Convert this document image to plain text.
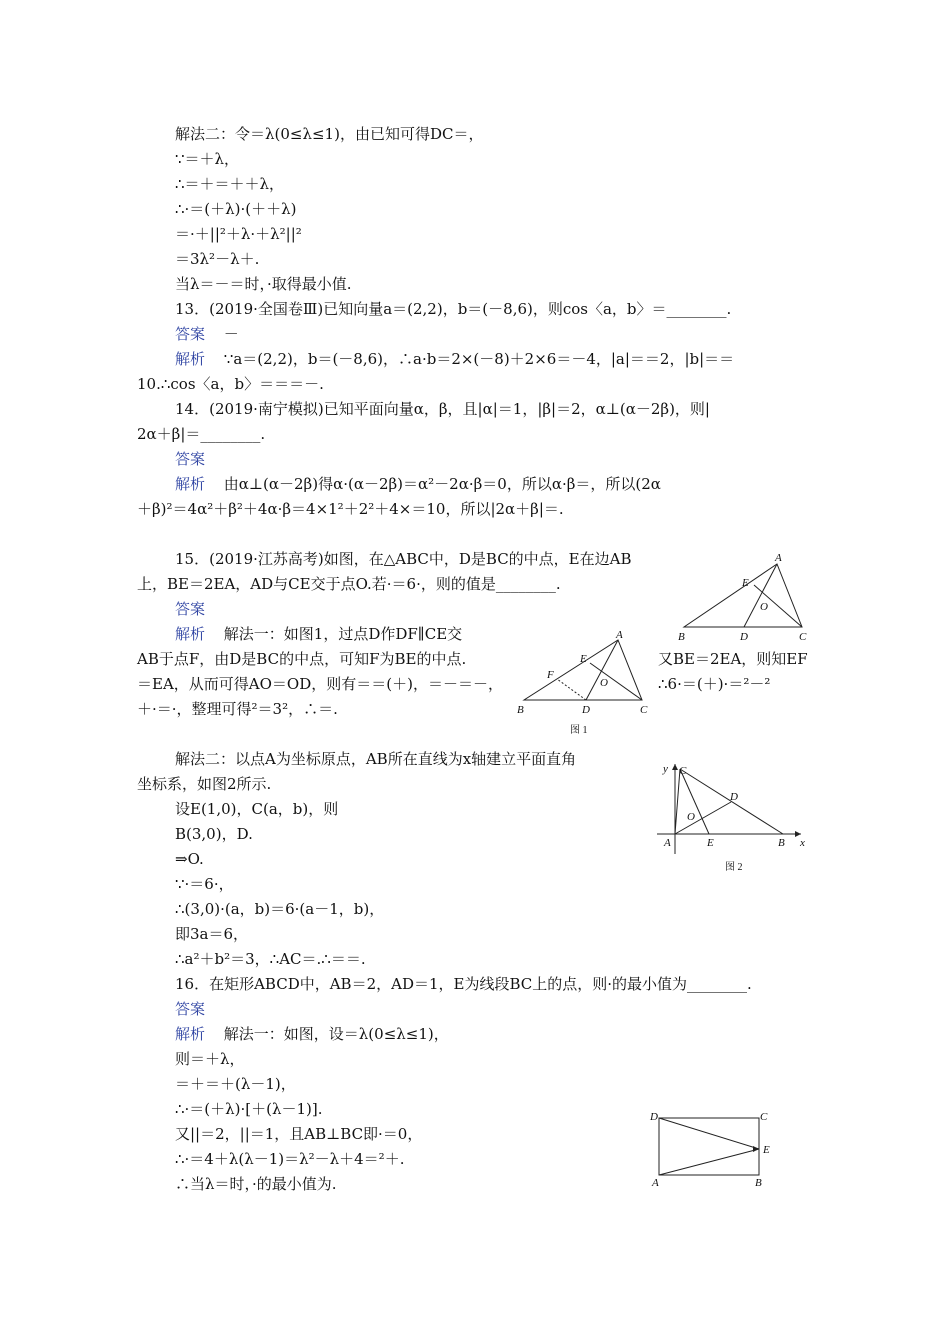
解法二：令＝λ(0≤λ≤1)，由已知可得DC＝，
∵＝＋λ，
∴＝＋＝＋＋λ，
∴·＝(＋λ)·(＋＋λ)
＝·＋||²＋λ·＋λ²||²
＝3λ²－λ＋.
当λ＝－＝时，·取得最小值.
13．(2019·全国卷Ⅲ)已知向量a＝(2,2)，b＝(－8,6)，则cos〈a，b〉＝________.
答案 －
解析 ∵a＝(2,2)，b＝(－8,6)，∴a·b＝2×(－8)＋2×6＝－4，|a|＝＝2，|b|＝＝
10.∴cos〈a，b〉＝＝＝－.
14．(2019·南宁模拟)已知平面向量α，β，且|α|＝1，|β|＝2，α⊥(α－2β)，则|
2α＋β|＝________.
答案
解析 由α⊥(α－2β)得α·(α－2β)＝α²－2α·β＝0，所以α·β＝，所以(2α
＋β)²＝4α²＋β²＋4α·β＝4×1²＋2²＋4×＝10，所以|2α＋β|＝.
15．(2019·江苏高考)如图，在△ABC中，D是BC的中点，E在边AB
上，BE＝2EA，AD与CE交于点O.若·＝6·，则的值是________.
答案
解析 解法一：如图1，过点D作DF∥CE交
AB于点F，由D是BC的中点，可知F为BE的中点.	又BE＝2EA，则知EF
＝EA，从而可得AO＝OD，则有＝＝(＋)，＝－＝－，	∴6·＝(＋)·＝²－²
＋·＝·，整理可得²＝3²，∴＝.
解法二：以点A为坐标原点，AB所在直线为x轴建立平面直角
坐标系，如图2所示.
设E(1,0)，C(a，b)，则
B(3,0)，D.
⇒O.
∵·＝6·，
∴(3,0)·(a，b)＝6·(a－1，b)，
即3a＝6，
∴a²＋b²＝3，∴AC＝.∴＝＝.
16．在矩形ABCD中，AB＝2，AD＝1，E为线段BC上的点，则·的最小值为________.
答案
解析 解法一：如图，设＝λ(0≤λ≤1)，
则＝＋λ，
＝＋＝＋(λ－1)，
∴·＝(＋λ)·[＋(λ－1)].
又||＝2，||＝1，且AB⊥BC即·＝0，
∴·＝4＋λ(λ－1)＝λ²－λ＋4＝²＋.
∴当λ＝时，·的最小值为.
A
B	C
D
E
O
A
B	C
D
E
O
F
图 1
y
x
A	B
C
D
E
O
图 2
D	C
A	B
E
